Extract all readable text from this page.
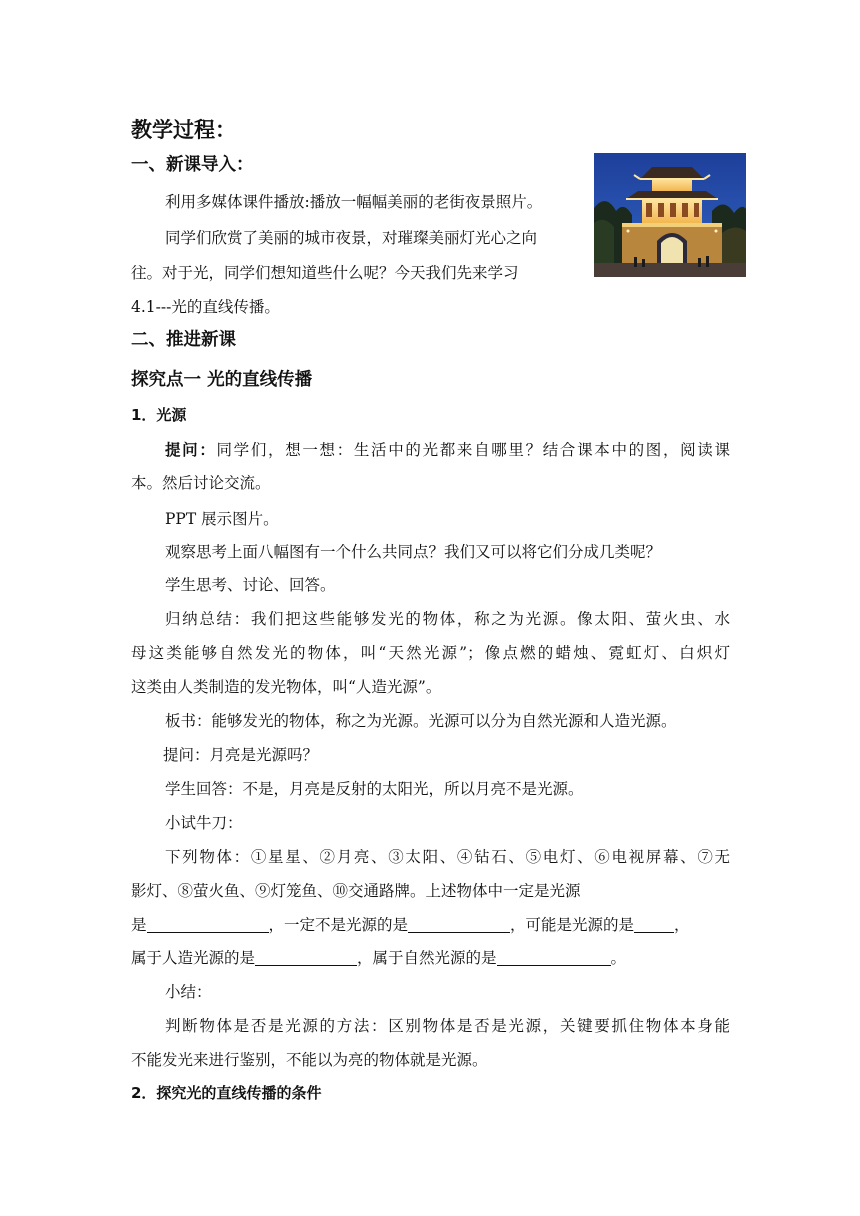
教学过程：
一、新课导入：
利用多媒体课件播放:播放一幅幅美丽的老街夜景照片。
同学们欣赏了美丽的城市夜景，对璀璨美丽灯光心之向
往。对于光，同学们想知道些什么呢？今天我们先来学习
4.1---光的直线传播。
二、推进新课
探究点一 光的直线传播
1．光源
提问：同学们，想一想：生活中的光都来自哪里？结合课本中的图，阅读课
本。然后讨论交流。
PPT 展示图片。
观察思考上面八幅图有一个什么共同点？我们又可以将它们分成几类呢？
学生思考、讨论、回答。
归纳总结：我们把这些能够发光的物体，称之为光源。像太阳、萤火虫、水
母这类能够自然发光的物体，叫“天然光源”；像点燃的蜡烛、霓虹灯、白炽灯
这类由人类制造的发光物体，叫“人造光源”。
板书：能够发光的物体，称之为光源。光源可以分为自然光源和人造光源。
提问：月亮是光源吗？
学生回答：不是，月亮是反射的太阳光，所以月亮不是光源。
小试牛刀：
下列物体：①星星、②月亮、③太阳、④钻石、⑤电灯、⑥电视屏幕、⑦无
影灯、⑧萤火鱼、⑨灯笼鱼、⑩交通路牌。上述物体中一定是光源
是	，一定不是光源的是	，可能是光源的是	，
属于人造光源的是	，属于自然光源的是	。
小结：
判断物体是否是光源的方法：区别物体是否是光源，关键要抓住物体本身能
不能发光来进行鉴别，不能以为亮的物体就是光源。
2．探究光的直线传播的条件
